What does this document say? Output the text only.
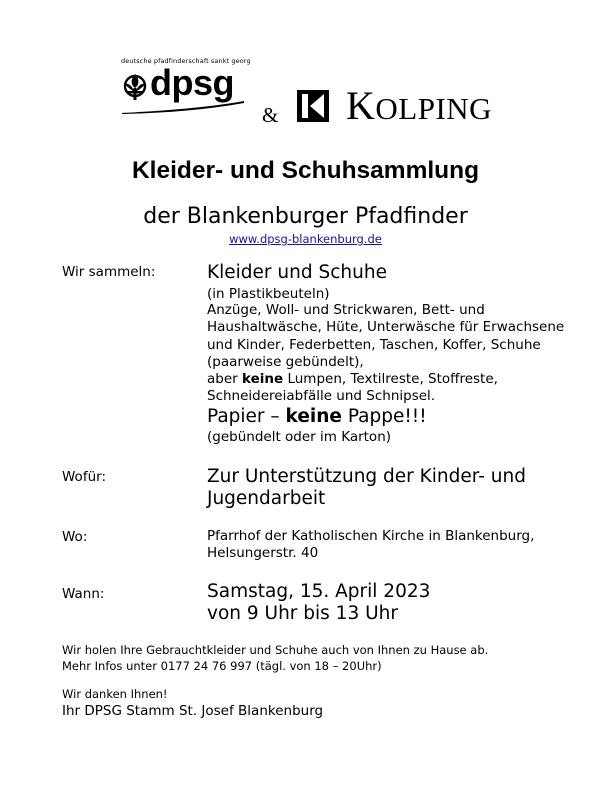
deutsche pfadfinderschaft sankt georg
dpsg
& KOLPING
Kleider- und Schuhsammlung
der Blankenburger Pfadfinder
www.dpsg-blankenburg.de
Wir sammeln:	Kleider und Schuhe
(in Plastikbeuteln)
Anzüge, Woll- und Strickwaren, Bett- und Haushaltwäsche, Hüte, Unterwäsche für Erwachsene und Kinder, Federbetten, Taschen, Koffer, Schuhe (paarweise gebündelt),
aber keine Lumpen, Textilreste, Stoffreste, Schneidereiabfälle und Schnipsel.
Papier – keine Pappe!!!
(gebündelt oder im Karton)
Wofür:	Zur Unterstützung der Kinder- und Jugendarbeit
Wo:	Pfarrhof der Katholischen Kirche in Blankenburg, Helsungerstr. 40
Wann:	Samstag, 15. April 2023
von 9 Uhr bis 13 Uhr
Wir holen Ihre Gebrauchtkleider und Schuhe auch von Ihnen zu Hause ab.
Mehr Infos unter 0177 24 76 997 (tägl. von 18 – 20Uhr)
Wir danken Ihnen!
Ihr DPSG Stamm St. Josef Blankenburg
